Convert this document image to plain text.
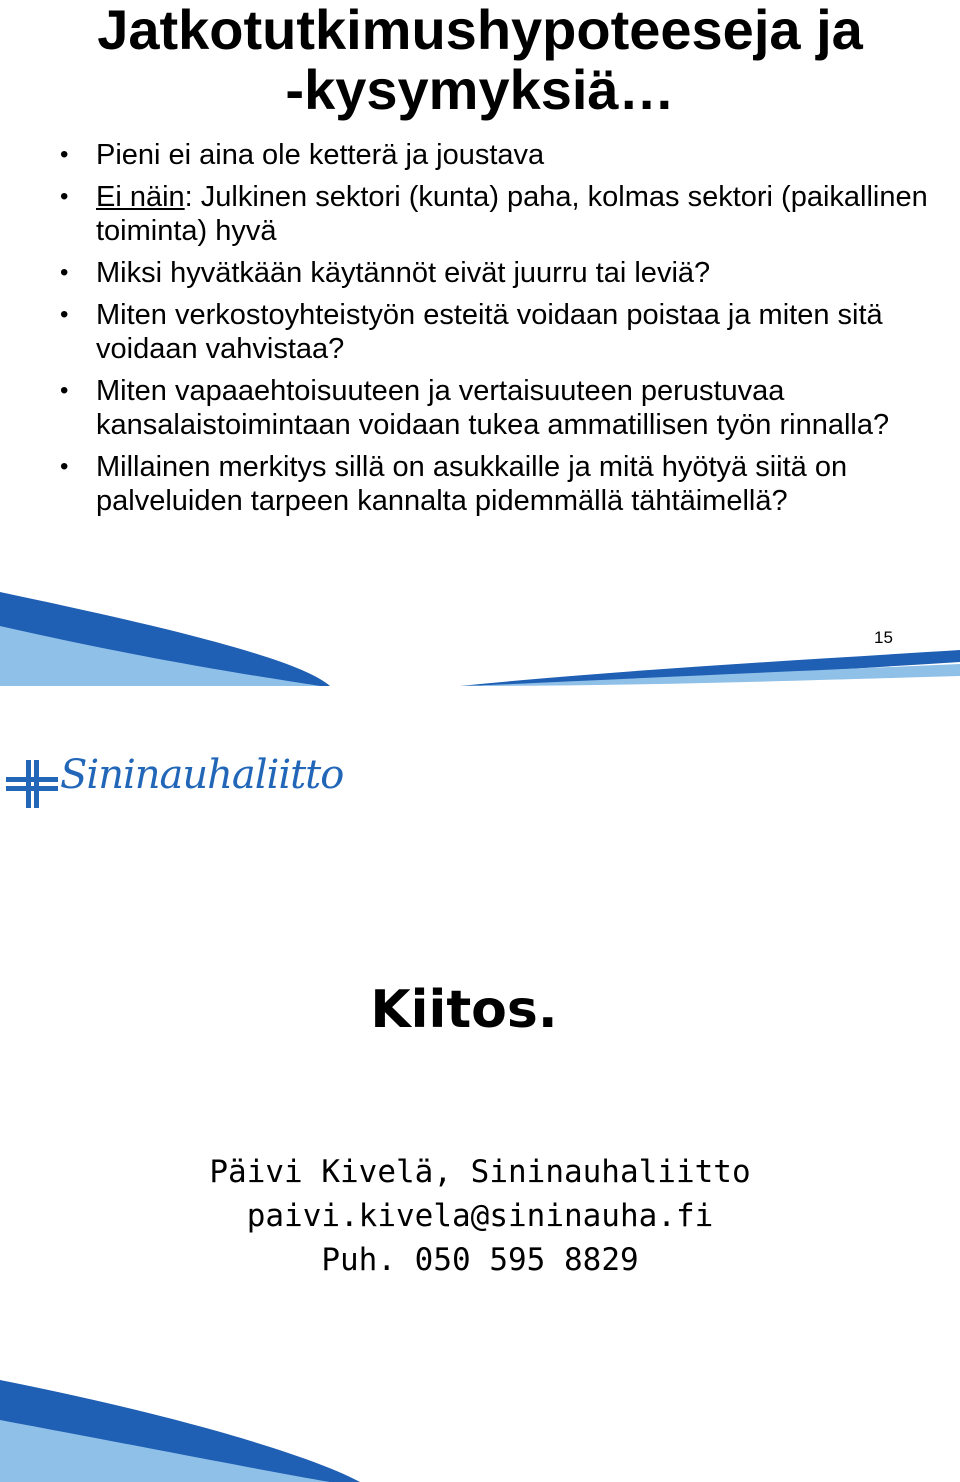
Jatkotutkimushypoteeseja ja
-kysymyksiä…
• Pieni ei aina ole ketterä ja joustava
• Ei näin: Julkinen sektori (kunta) paha, kolmas sektori (paikallinen toiminta) hyvä
• Miksi hyvätkään käytännöt eivät juurru tai leviä?
• Miten verkostoyhteistyön esteitä voidaan poistaa ja miten sitä voidaan vahvistaa?
• Miten vapaaehtoisuuteen ja vertaisuuteen perustuvaa kansalaistoimintaan voidaan tukea ammatillisen työn rinnalla?
• Millainen merkitys sillä on asukkaille ja mitä hyötyä siitä on palveluiden tarpeen kannalta pidemmällä tähtäimellä?
15
Sininauhaliitto
Kiitos.
Päivi Kivelä, Sininauhaliitto
paivi.kivela@sininauha.fi
Puh. 050 595 8829
